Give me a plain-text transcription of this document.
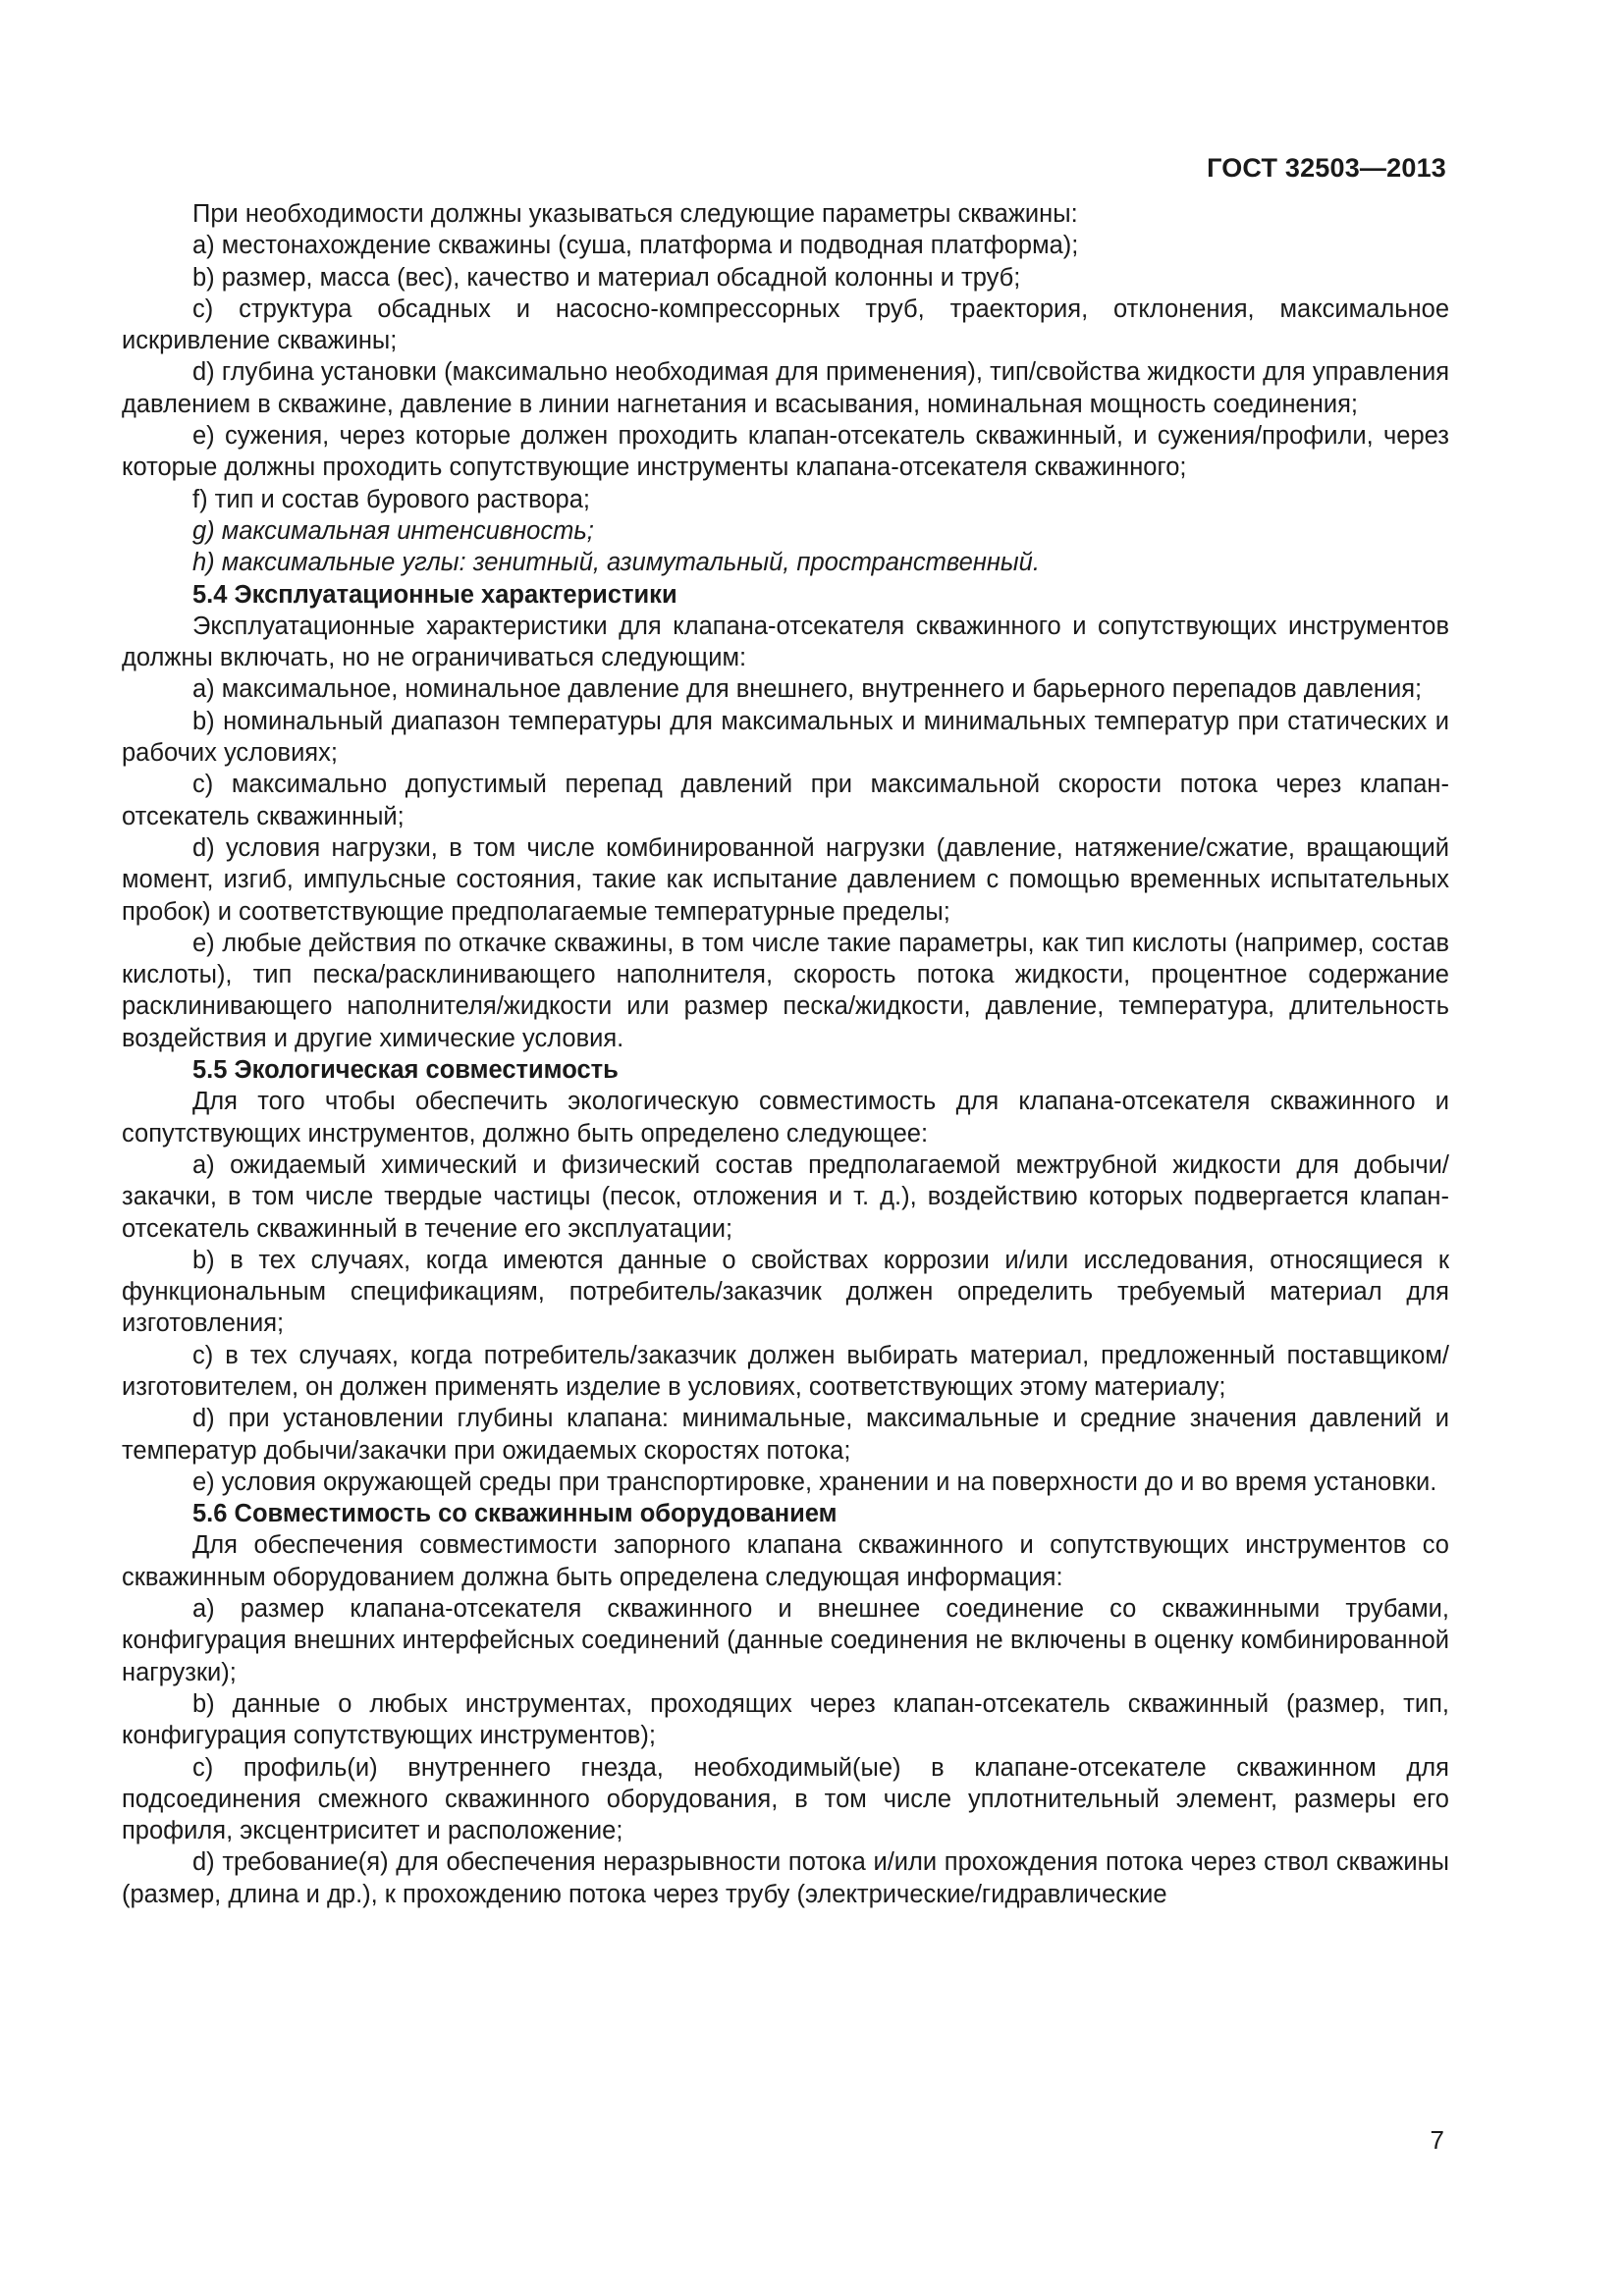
ГОСТ 32503—2013
При необходимости должны указываться следующие параметры скважины:
а) местонахождение скважины (суша, платформа и подводная платформа);
b) размер, масса (вес), качество и материал обсадной колонны и труб;
с) структура обсадных и насосно-компрессорных труб, траектория, отклонения, максимальное искривление скважины;
d) глубина установки (максимально необходимая для применения), тип/свойства жидкости для управления давлением в скважине, давление в линии нагнетания и всасывания, номинальная мощность соединения;
е) сужения, через которые должен проходить клапан-отсекатель скважинный, и сужения/профили, через которые должны проходить сопутствующие инструменты клапана-отсекателя скважинного;
f) тип и состав бурового раствора;
g) максимальная интенсивность;
h) максимальные углы: зенитный, азимутальный, пространственный.
5.4 Эксплуатационные характеристики
Эксплуатационные характеристики для клапана-отсекателя скважинного и сопутствующих инструментов должны включать, но не ограничиваться следующим:
а) максимальное, номинальное давление для внешнего, внутреннего и барьерного перепадов давления;
b) номинальный диапазон температуры для максимальных и минимальных температур при статических и рабочих условиях;
с) максимально допустимый перепад давлений при максимальной скорости потока через клапан-отсекатель скважинный;
d) условия нагрузки, в том числе комбинированной нагрузки (давление, натяжение/сжатие, вращающий момент, изгиб, импульсные состояния, такие как испытание давлением с помощью временных испытательных пробок) и соответствующие предполагаемые температурные пределы;
е) любые действия по откачке скважины, в том числе такие параметры, как тип кислоты (например, состав кислоты), тип песка/расклинивающего наполнителя, скорость потока жидкости, процентное содержание расклинивающего наполнителя/жидкости или размер песка/жидкости, давление, температура, длительность воздействия и другие химические условия.
5.5 Экологическая совместимость
Для того чтобы обеспечить экологическую совместимость для клапана-отсекателя скважинного и сопутствующих инструментов, должно быть определено следующее:
а) ожидаемый химический и физический состав предполагаемой межтрубной жидкости для добычи/закачки, в том числе твердые частицы (песок, отложения и т. д.), воздействию которых подвергается клапан-отсекатель скважинный в течение его эксплуатации;
b) в тех случаях, когда имеются данные о свойствах коррозии и/или исследования, относящиеся к функциональным спецификациям, потребитель/заказчик должен определить требуемый материал для изготовления;
с) в тех случаях, когда потребитель/заказчик должен выбирать материал, предложенный поставщиком/изготовителем, он должен применять изделие в условиях, соответствующих этому материалу;
d) при установлении глубины клапана: минимальные, максимальные и средние значения давлений и температур добычи/закачки при ожидаемых скоростях потока;
е) условия окружающей среды при транспортировке, хранении и на поверхности до и во время установки.
5.6 Совместимость со скважинным оборудованием
Для обеспечения совместимости запорного клапана скважинного и сопутствующих инструментов со скважинным оборудованием должна быть определена следующая информация:
а) размер клапана-отсекателя скважинного и внешнее соединение со скважинными трубами, конфигурация внешних интерфейсных соединений (данные соединения не включены в оценку комбинированной нагрузки);
b) данные о любых инструментах, проходящих через клапан-отсекатель скважинный (размер, тип, конфигурация сопутствующих инструментов);
с) профиль(и) внутреннего гнезда, необходимый(ые) в клапане-отсекателе скважинном для подсоединения смежного скважинного оборудования, в том числе уплотнительный элемент, размеры его профиля, эксцентриситет и расположение;
d) требование(я) для обеспечения неразрывности потока и/или прохождения потока через ствол скважины (размер, длина и др.), к прохождению потока через трубу (электрические/гидравлические
7
